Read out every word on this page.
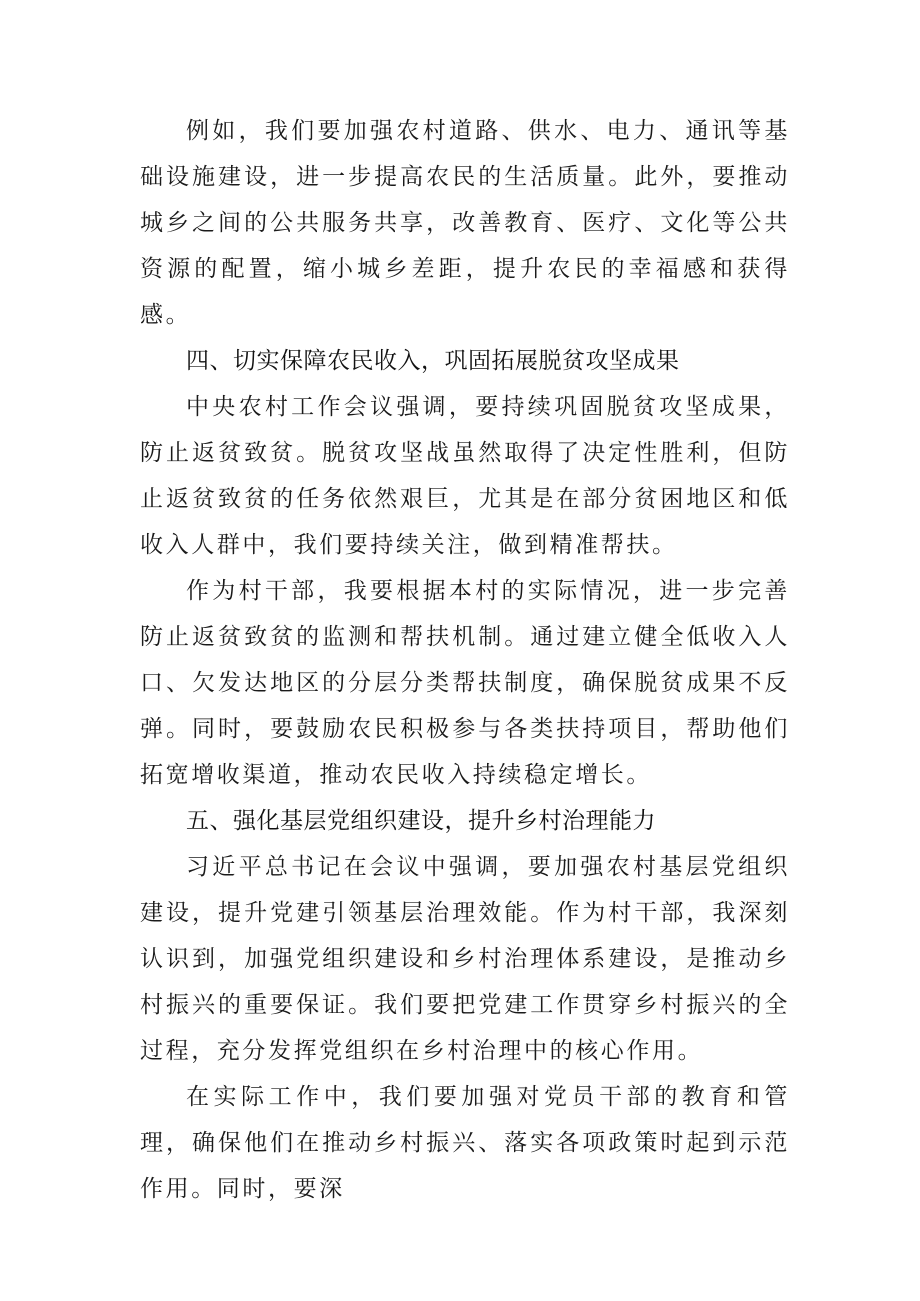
例如，我们要加强农村道路、供水、电力、通讯等基础设施建设，进一步提高农民的生活质量。此外，要推动城乡之间的公共服务共享，改善教育、医疗、文化等公共资源的配置，缩小城乡差距，提升农民的幸福感和获得感。

四、切实保障农民收入，巩固拓展脱贫攻坚成果

中央农村工作会议强调，要持续巩固脱贫攻坚成果，防止返贫致贫。脱贫攻坚战虽然取得了决定性胜利，但防止返贫致贫的任务依然艰巨，尤其是在部分贫困地区和低收入人群中，我们要持续关注，做到精准帮扶。

作为村干部，我要根据本村的实际情况，进一步完善防止返贫致贫的监测和帮扶机制。通过建立健全低收入人口、欠发达地区的分层分类帮扶制度，确保脱贫成果不反弹。同时，要鼓励农民积极参与各类扶持项目，帮助他们拓宽增收渠道，推动农民收入持续稳定增长。

五、强化基层党组织建设，提升乡村治理能力

习近平总书记在会议中强调，要加强农村基层党组织建设，提升党建引领基层治理效能。作为村干部，我深刻认识到，加强党组织建设和乡村治理体系建设，是推动乡村振兴的重要保证。我们要把党建工作贯穿乡村振兴的全过程，充分发挥党组织在乡村治理中的核心作用。

在实际工作中，我们要加强对党员干部的教育和管理，确保他们在推动乡村振兴、落实各项政策时起到示范作用。同时，要深
